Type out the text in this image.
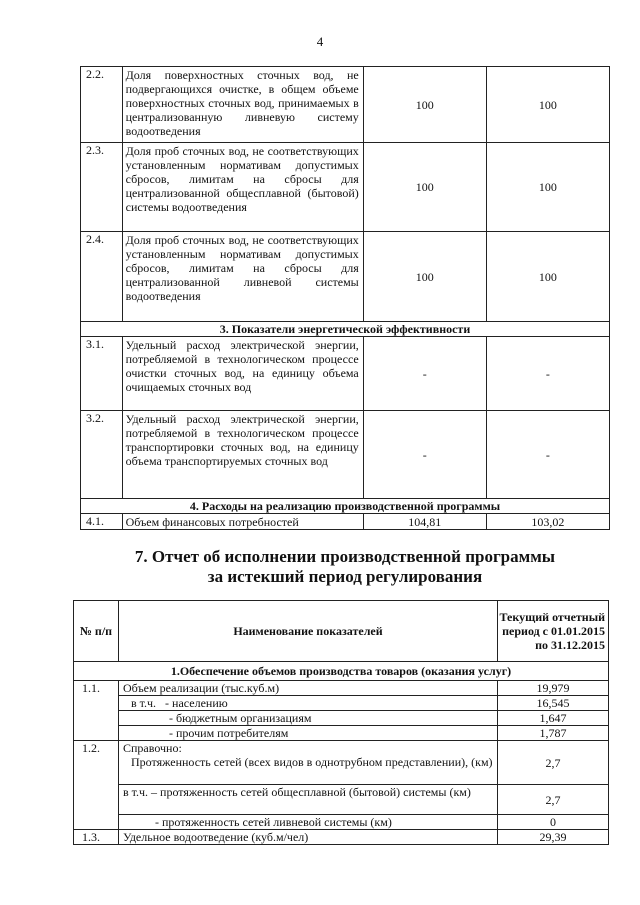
4
2.2.	Доля поверхностных сточных вод, не подвергающихся очистке, в общем объеме поверхностных сточных вод, принимаемых в централизованную ливневую систему водоотведения	100	100
2.3.	Доля проб сточных вод, не соответствующих установленным нормативам допустимых сбросов, лимитам на сбросы для централизованной общесплавной (бытовой) системы водоотведения	100	100
2.4.	Доля проб сточных вод, не соответствующих установленным нормативам допустимых сбросов, лимитам на сбросы для централизованной ливневой системы водоотведения	100	100
3. Показатели энергетической эффективности			
3.1.	Удельный расход электрической энергии, потребляемой в технологическом процессе очистки сточных вод, на единицу объема очищаемых сточных вод	-	-
3.2.	Удельный расход электрической энергии, потребляемой в технологическом процессе транспортировки сточных вод, на единицу объема транспортируемых сточных вод	-	-
4. Расходы на реализацию производственной программы			
4.1.	Объем финансовых потребностей	104,81	103,02
7. Отчет об исполнении производственной программы
за истекший период регулирования
№ п/п	Наименование показателей	Текущий отчетный период с 01.01.2015 по 31.12.2015
1.Обеспечение объемов производства товаров (оказания услуг)		
1.1.	Объем реализации (тыс.куб.м)	19,979
	в т.ч. - населению	16,545
	- бюджетным организациям	1,647
	- прочим потребителям	1,787
1.2.	Справочно:
Протяженность сетей (всех видов в однотрубном представлении), (км)	2,7
	в т.ч. – протяженность сетей общесплавной (бытовой) системы (км)	2,7
	- протяженность сетей ливневой системы (км)	0
1.3.	Удельное водоотведение (куб.м/чел)	29,39
